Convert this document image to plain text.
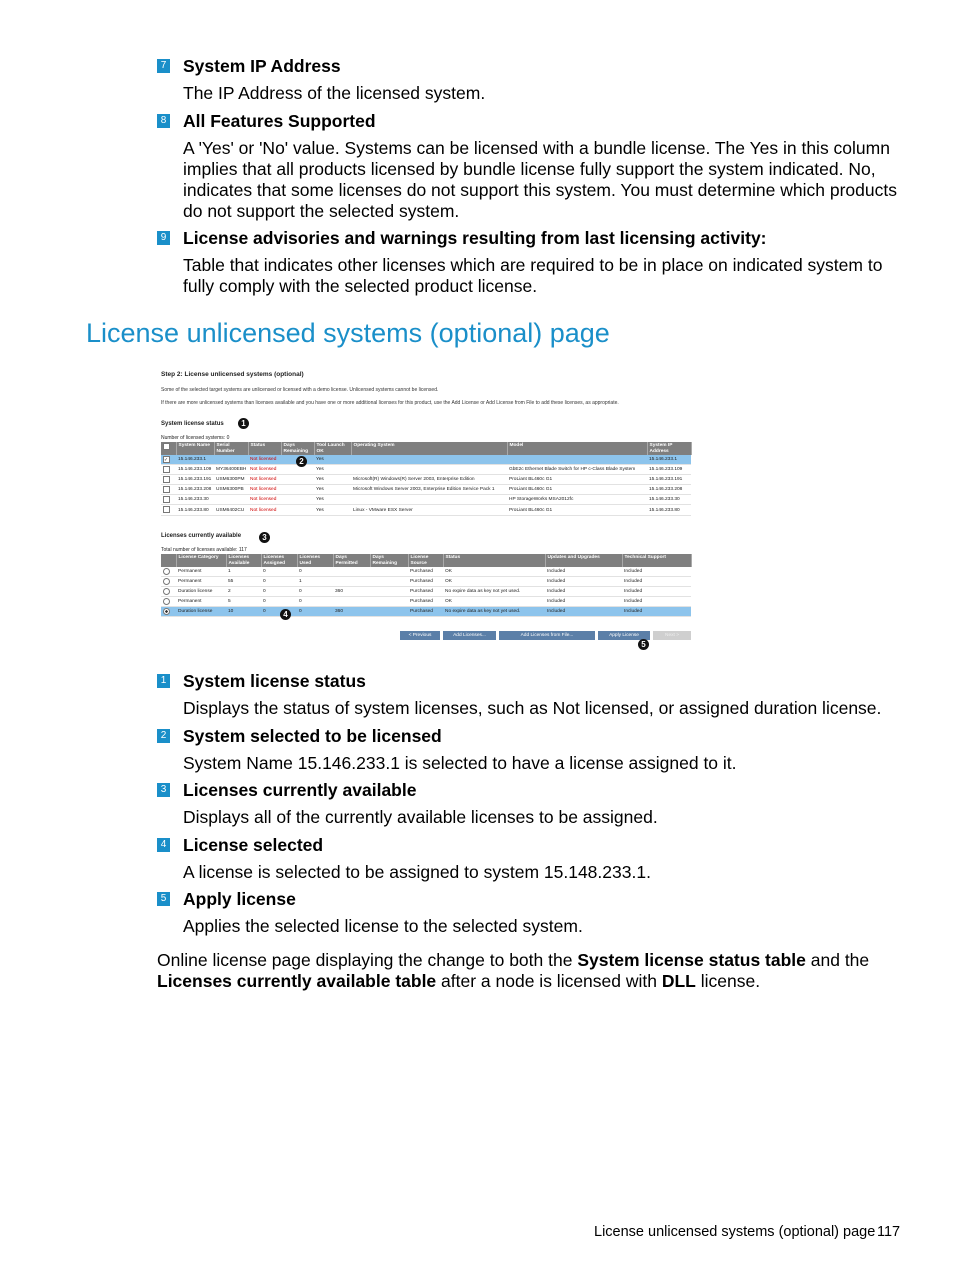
7 System IP Address
The IP Address of the licensed system.
8 All Features Supported
A 'Yes' or 'No' value. Systems can be licensed with a bundle license. The Yes in this column implies that all products licensed by bundle license fully support the system indicated. No, indicates that some licenses do not support this system. You must determine which products do not support the selected system.
9 License advisories and warnings resulting from last licensing activity:
Table that indicates other licenses which are required to be in place on indicated system to fully comply with the selected product license.
License unlicensed systems (optional) page
Step 2: License unlicensed systems (optional)
Some of the selected target systems are unlicensed or licensed with a demo license. Unlicensed systems cannot be licensed.
If there are more unlicensed systems than licenses available and you have one or more additional licenses for this product, use the Add License or Add License from File to add these licenses, as appropriate.
System license status	1
Number of licensed systems: 0
	System Name	Serial Number	Status	Days Remaining	Tool Launch OK	Operating System	Model	System IP Address
✓	15.146.233.1		Not licensed		Yes			15.146.233.1
	15.146.233.109	MY36400EBH	Not licensed		Yes		GbE2c Ethernet Blade Switch for HP c-Class Blade System	15.146.233.109
	15.146.233.191	USM6300PM	Not licensed		Yes	Microsoft(R) Windows(R) Server 2003, Enterprise Edition	ProLiant BL460c G1	15.146.233.191
	15.146.233.208	USM6300PB	Not licensed		Yes	Microsoft Windows Server 2003, Enterprise Edition Service Pack 1	ProLiant BL460c G1	15.146.233.208
	15.146.233.30		Not licensed		Yes		HP StorageWorks MSA2012fc	15.146.233.30
	15.146.233.80	USM6402CU	Not licensed		Yes	Linux - VMware ESX Server	ProLiant BL460c G1	15.146.233.80
2
Licenses currently available	3
Total number of licenses available: 117
	License Category	Licenses Available	Licenses Assigned	Licenses Used	Days Permitted	Days Remaining	License Source	Status	Updates and Upgrades	Technical Support
	Permanent	1	0	0			Purchased	OK	Included	Included
	Permanent	55	0	1			Purchased	OK	Included	Included
	Duration license	2	0	0	360		Purchased	No expire data as key not yet used.	Included	Included
	Permanent	5	0	0			Purchased	OK	Included	Included
	Duration license	10	0	0	360		Purchased	No expire data as key not yet used.	Included	Included
4
< Previous	Add Licenses...	Add Licenses from File...	Apply License	Next >
5
1 System license status
Displays the status of system licenses, such as Not licensed, or assigned duration license.
2 System selected to be licensed
System Name 15.146.233.1 is selected to have a license assigned to it.
3 Licenses currently available
Displays all of the currently available licenses to be assigned.
4 License selected
A license is selected to be assigned to system 15.148.233.1.
5 Apply license
Applies the selected license to the selected system.
Online license page displaying the change to both the System license status table and the Licenses currently available table after a node is licensed with DLL license.
License unlicensed systems (optional) page 117
